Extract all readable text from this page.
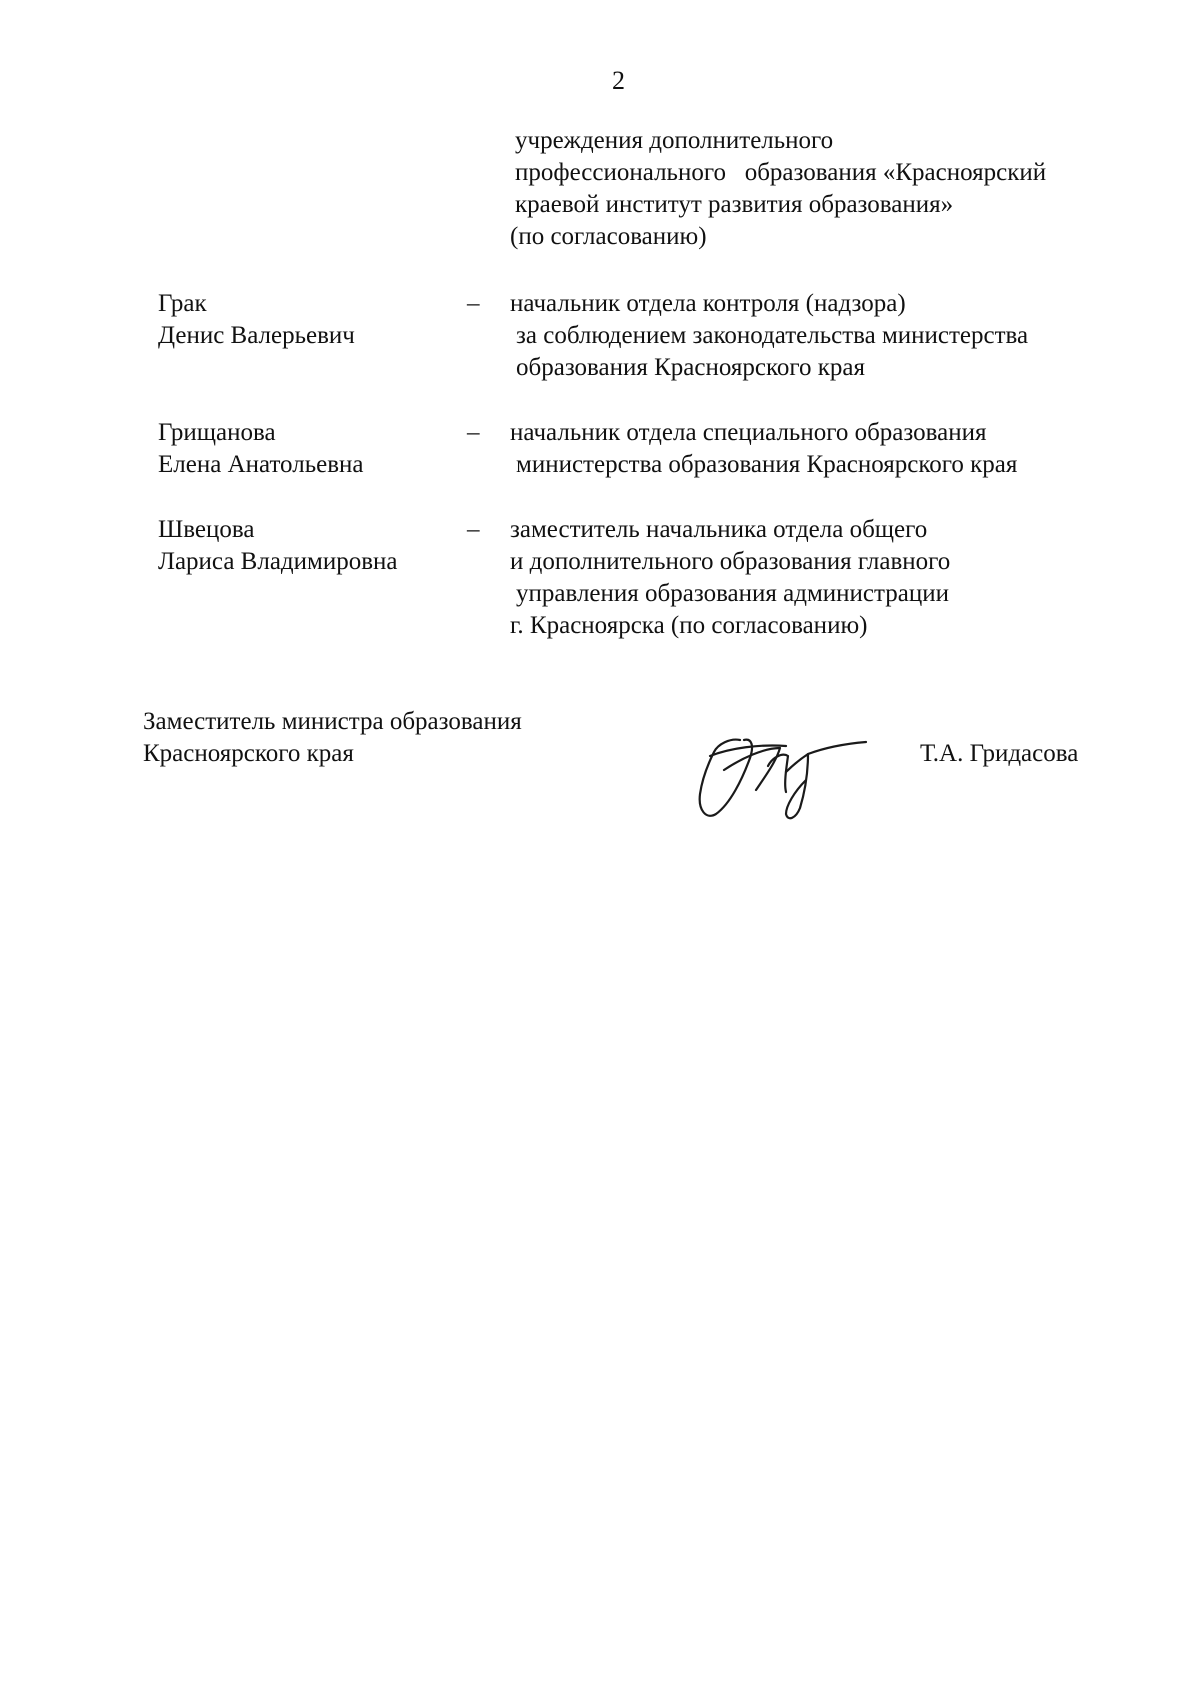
2
учреждения дополнительного
профессионального   образования «Красноярский
краевой институт развития образования»
(по согласованию)
Грак
Денис Валерьевич
– начальник отдела контроля (надзора)
за соблюдением законодательства министерства
образования Красноярского края
Грищанова
Елена Анатольевна
– начальник отдела специального образования
министерства образования Красноярского края
Швецова
Лариса Владимировна
– заместитель начальника отдела общего
и дополнительного образования главного
управления образования администрации
г. Красноярска (по согласованию)
Заместитель министра образования
Красноярского края	Т.А. Гридасова
